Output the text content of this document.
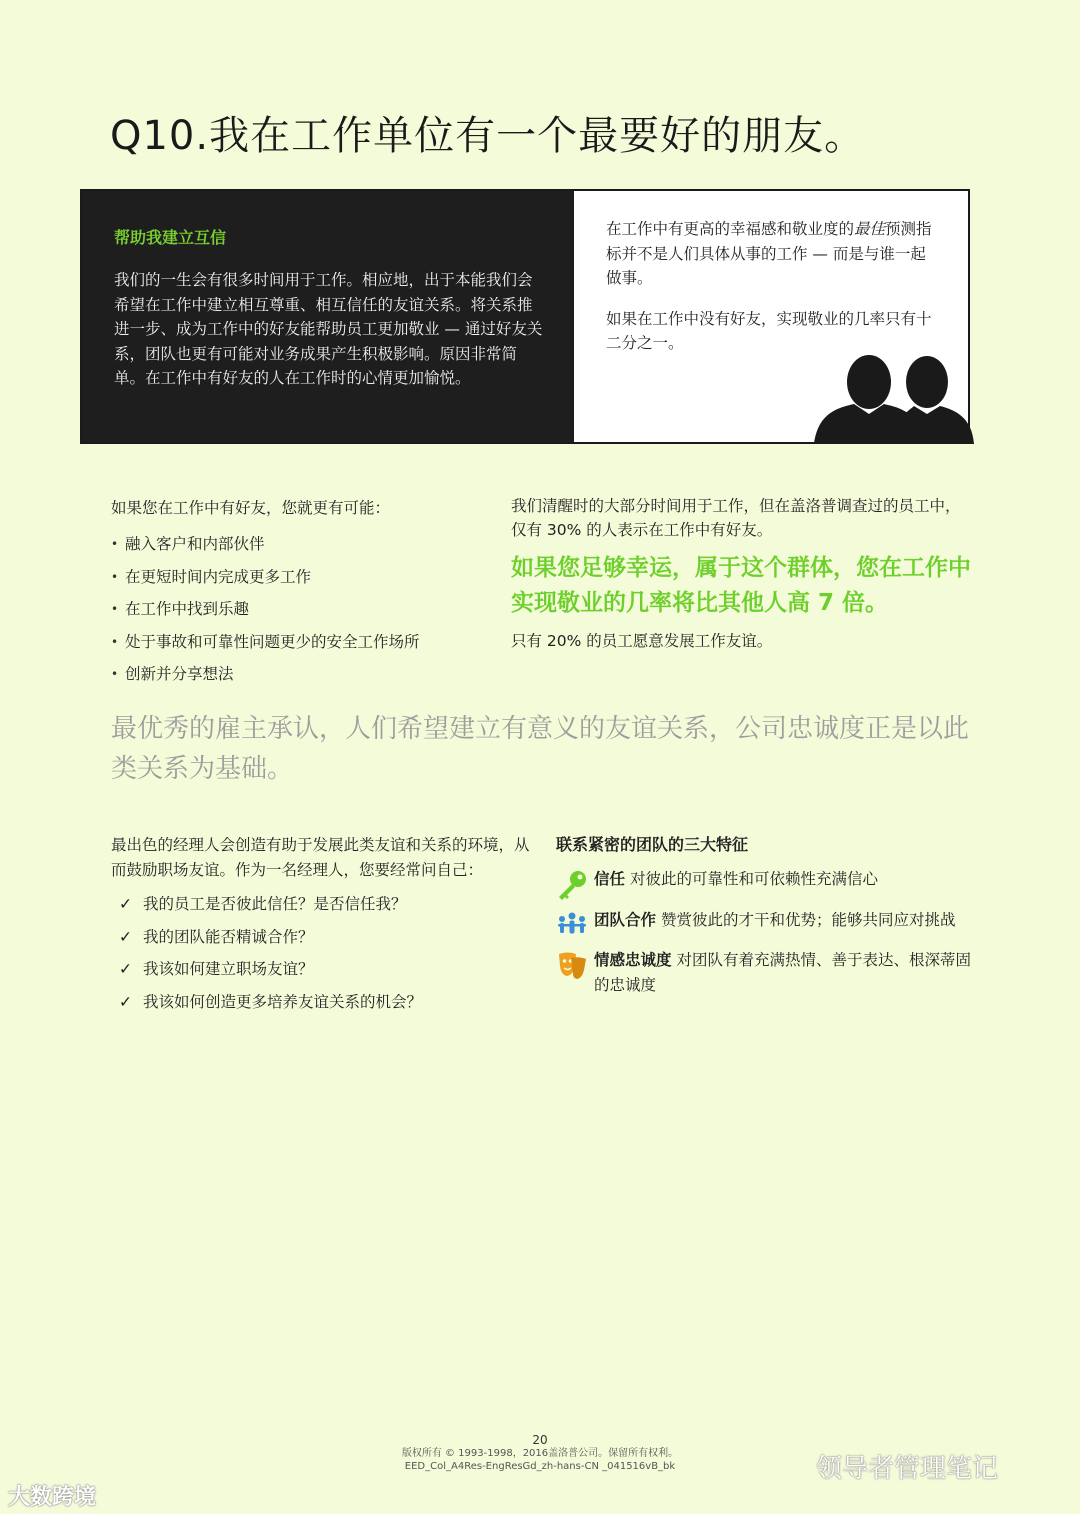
Q10.我在工作单位有一个最要好的朋友。
帮助我建立互信
我们的一生会有很多时间用于工作。相应地，出于本能我们会希望在工作中建立相互尊重、相互信任的友谊关系。将关系推进一步、成为工作中的好友能帮助员工更加敬业 — 通过好友关系，团队也更有可能对业务成果产生积极影响。原因非常简单。在工作中有好友的人在工作时的心情更加愉悦。

在工作中有更高的幸福感和敬业度的最佳预测指标并不是人们具体从事的工作 — 而是与谁一起做事。

如果在工作中没有好友，实现敬业的几率只有十二分之一。

如果您在工作中有好友，您就更有可能：
• 融入客户和内部伙伴
• 在更短时间内完成更多工作
• 在工作中找到乐趣
• 处于事故和可靠性问题更少的安全工作场所
• 创新并分享想法
我们清醒时的大部分时间用于工作，但在盖洛普调查过的员工中，仅有 30% 的人表示在工作中有好友。
如果您足够幸运，属于这个群体，您在工作中实现敬业的几率将比其他人高 7 倍。
只有 20% 的员工愿意发展工作友谊。
最优秀的雇主承认，人们希望建立有意义的友谊关系，公司忠诚度正是以此类关系为基础。
最出色的经理人会创造有助于发展此类友谊和关系的环境，从而鼓励职场友谊。作为一名经理人，您要经常问自己：
✓ 我的员工是否彼此信任？是否信任我？
✓ 我的团队能否精诚合作？
✓ 我该如何建立职场友谊？
✓ 我该如何创造更多培养友谊关系的机会？
联系紧密的团队的三大特征
信任 对彼此的可靠性和可依赖性充满信心
团队合作 赞赏彼此的才干和优势；能够共同应对挑战
情感忠诚度 对团队有着充满热情、善于表达、根深蒂固的忠诚度
20
版权所有 © 1993-1998，2016盖洛普公司。保留所有权利。
EED_Col_A4Res-EngResGd_zh-hans-CN _041516vB_bk
大数跨境
领导者管理笔记
